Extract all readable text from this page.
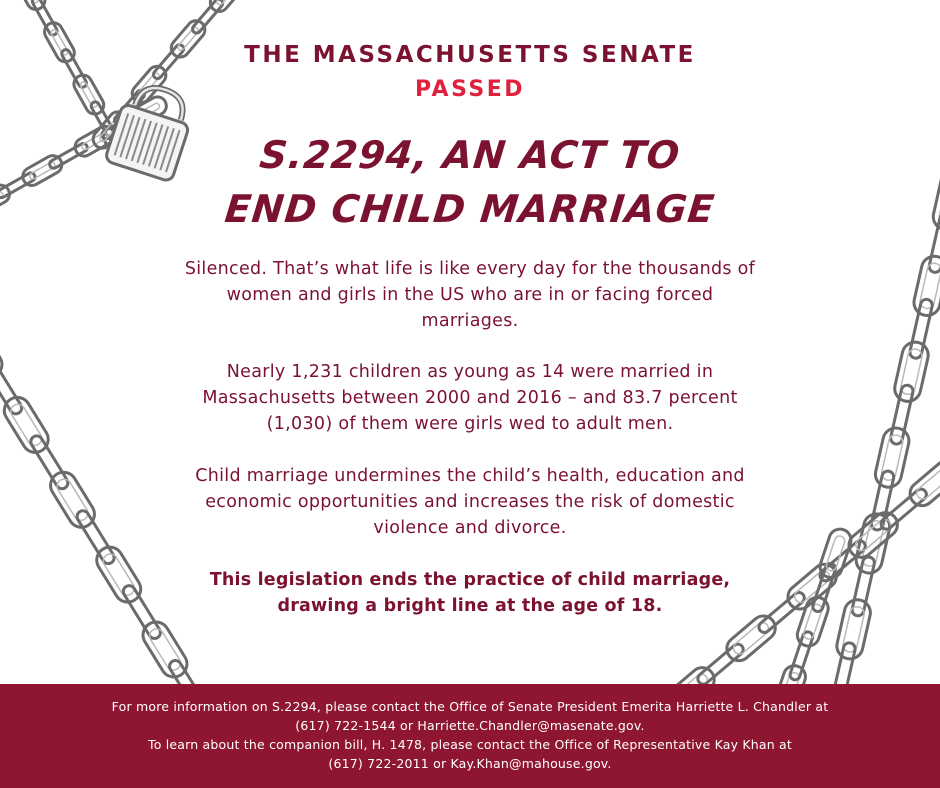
THE MASSACHUSETTS SENATE
PASSED
S.2294, AN ACT TO
END CHILD MARRIAGE
Silenced. That’s what life is like every day for the thousands of
women and girls in the US who are in or facing forced
marriages.
Nearly 1,231 children as young as 14 were married in
Massachusetts between 2000 and 2016 – and 83.7 percent
(1,030) of them were girls wed to adult men.
Child marriage undermines the child’s health, education and
economic opportunities and increases the risk of domestic
violence and divorce.
This legislation ends the practice of child marriage,
drawing a bright line at the age of 18.
For more information on S.2294, please contact the Office of Senate President Emerita Harriette L. Chandler at
(617) 722-1544 or Harriette.Chandler@masenate.gov.
To learn about the companion bill, H. 1478, please contact the Office of Representative Kay Khan at
(617) 722-2011 or Kay.Khan@mahouse.gov.
